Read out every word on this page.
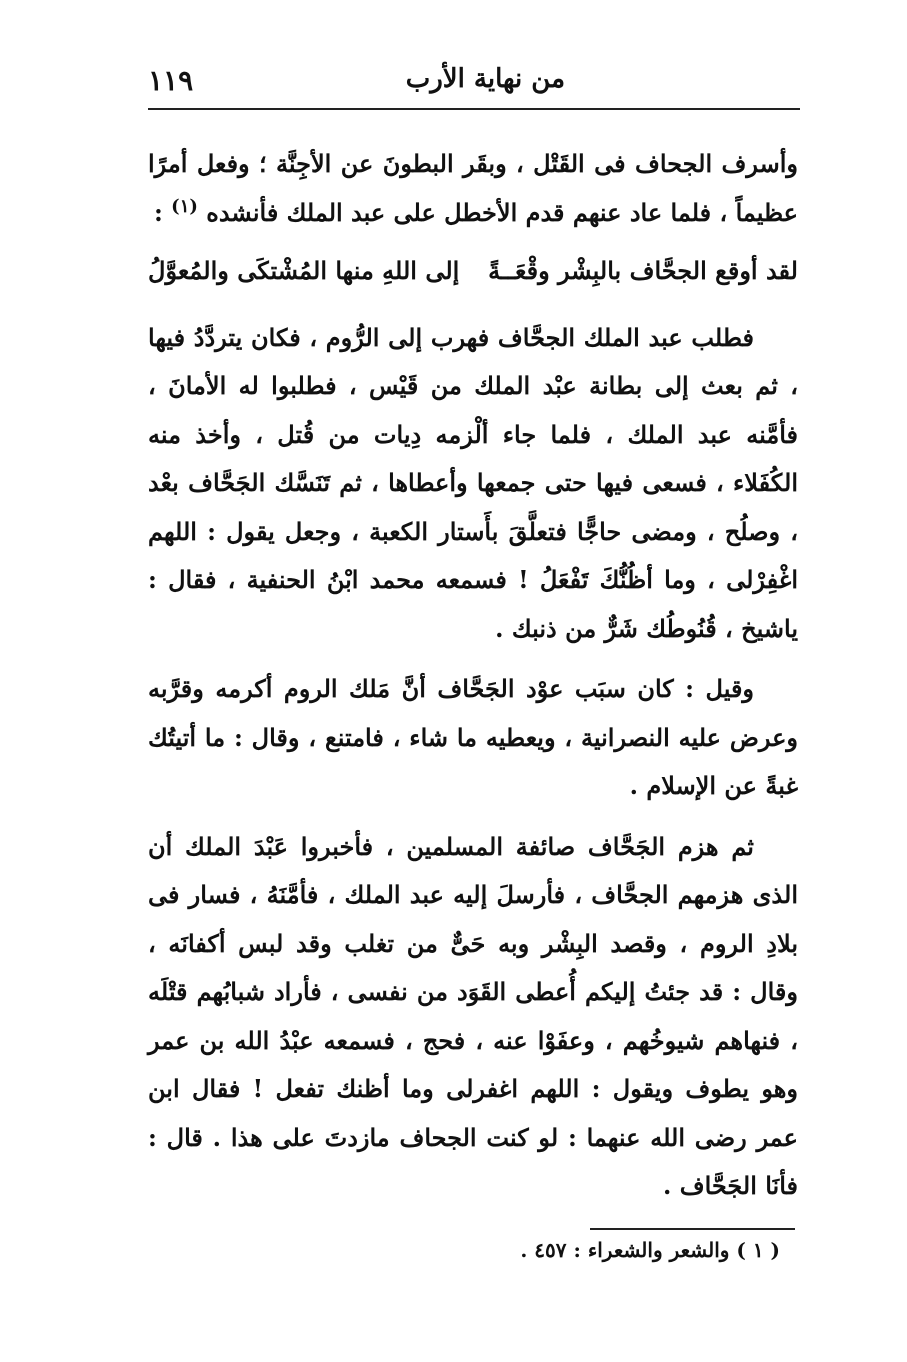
من نهاية الأرب
١١٩

وأسرف الجحاف فى القَتْل ، وبقَر البطونَ عن الأجِنَّة ؛ وفعل أمرًا عظيماً ، فلما عاد عنهم قدم الأخطل على عبد الملك فأنشده $^{(١)}$ :

لقد أوقع الجحَّاف بالبِشْر وقْعَــةً
إلى اللهِ منها المُشْتكَى والمُعوَّلُ

فطلب عبد الملك الجحَّاف فهرب إلى الرُّوم ، فكان يتردَّدُ فيها ، ثم بعث إلى بطانة عبْد الملك من قَيْس ، فطلبوا له الأمانَ ، فأمَّنه عبد الملك ، فلما جاء ألْزمه دِيات من قُتل ، وأخذ منه الكُفَلاء ، فسعى فيها حتى جمعها وأعطاها ، ثم تَنَسَّك الجَحَّاف بعْد ، وصلُح ، ومضى حاجًّا فتعلَّقَ بأَستار الكعبة ، وجعل يقول : اللهم اغْفِرْلى ، وما أظُنُّكَ تَفْعَلُ ! فسمعه محمد ابْنُ الحنفية ، فقال : ياشيخ ، قُنُوطُك شَرٌّ من ذنبك .

وقيل : كان سبَب عوْد الجَحَّاف أنَّ مَلك الروم أكرمه وقرَّبه وعرض عليه النصرانية ، ويعطيه ما شاء ، فامتنع ، وقال : ما أتيتُك غبةً عن الإسلام .

ثم هزم الجَحَّاف صائفة المسلمين ، فأخبروا عَبْدَ الملك أن الذى هزمهم الجحَّاف ، فأرسلَ إليه عبد الملك ، فأمَّنَهُ ، فسار فى بلادِ الروم ، وقصد البِشْر وبه حَىٌّ من تغلب وقد لبس أكفانَه ، وقال : قد جئتُ إليكم أُعطى القَوَد من نفسى ، فأراد شبابُهم قتْلَه ، فنهاهم شيوخُهم ، وعفَوْا عنه ، فحج ، فسمعه عبْدُ الله بن عمر وهو يطوف ويقول : اللهم اغفرلى وما أظنك تفعل ! فقال ابن عمر رضى الله عنهما : لو كنت الجحاف مازدتَ على هذا . قال : فأنَا الجَحَّاف .

( ١ ) والشعر والشعراء : ٤٥٧ .
